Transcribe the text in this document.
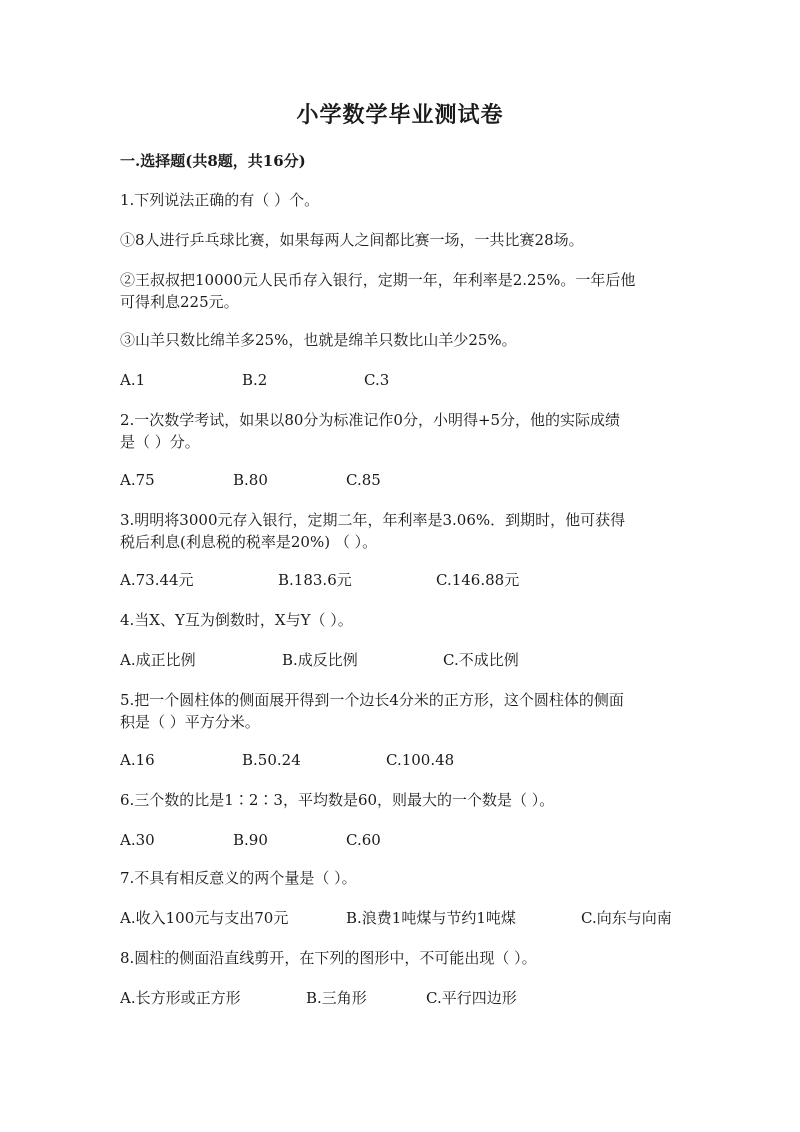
小学数学毕业测试卷
一.选择题(共8题，共16分)
1.下列说法正确的有（ ）个。
①8人进行乒乓球比赛，如果每两人之间都比赛一场，一共比赛28场。
②王叔叔把10000元人民币存入银行，定期一年，年利率是2.25%。一年后他
可得利息225元。
③山羊只数比绵羊多25%，也就是绵羊只数比山羊少25%。
A.1	B.2	C.3
2.一次数学考试，如果以80分为标准记作0分，小明得+5分，他的实际成绩
是（ ）分。
A.75	B.80	C.85
3.明明将3000元存入银行，定期二年，年利率是3.06%．到期时，他可获得
税后利息(利息税的税率是20%) （ ）。
A.73.44元	B.183.6元	C.146.88元
4.当X、Y互为倒数时，X与Y（ ）。
A.成正比例	B.成反比例	C.不成比例
5.把一个圆柱体的侧面展开得到一个边长4分米的正方形，这个圆柱体的侧面
积是（ ）平方分米。
A.16	B.50.24	C.100.48
6.三个数的比是1∶2∶3，平均数是60，则最大的一个数是（ ）。
A.30	B.90	C.60
7.不具有相反意义的两个量是（ ）。
A.收入100元与支出70元	B.浪费1吨煤与节约1吨煤	C.向东与向南
8.圆柱的侧面沿直线剪开，在下列的图形中，不可能出现（ ）。
A.长方形或正方形	B.三角形	C.平行四边形
